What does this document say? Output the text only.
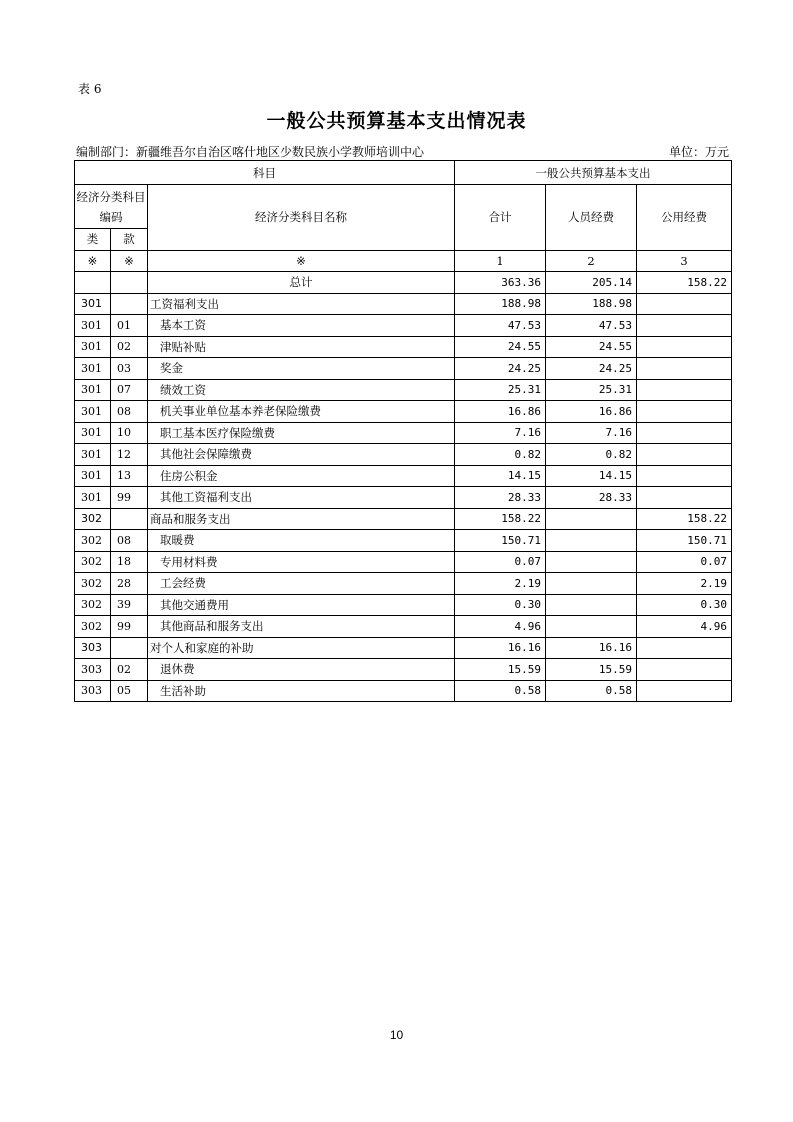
表 6
一般公共预算基本支出情况表
编制部门：新疆维吾尔自治区喀什地区少数民族小学教师培训中心	单位：万元
科目			一般公共预算基本支出		
经济分类科目编码		经济分类科目名称	合计	人员经费	公用经费
类	款				
※	※	※	1	2	3
		总计	363.36	205.14	158.22
301		工资福利支出	188.98	188.98	
301	01	基本工资	47.53	47.53	
301	02	津贴补贴	24.55	24.55	
301	03	奖金	24.25	24.25	
301	07	绩效工资	25.31	25.31	
301	08	机关事业单位基本养老保险缴费	16.86	16.86	
301	10	职工基本医疗保险缴费	7.16	7.16	
301	12	其他社会保障缴费	0.82	0.82	
301	13	住房公积金	14.15	14.15	
301	99	其他工资福利支出	28.33	28.33	
302		商品和服务支出	158.22		158.22
302	08	取暖费	150.71		150.71
302	18	专用材料费	0.07		0.07
302	28	工会经费	2.19		2.19
302	39	其他交通费用	0.30		0.30
302	99	其他商品和服务支出	4.96		4.96
303		对个人和家庭的补助	16.16	16.16	
303	02	退休费	15.59	15.59	
303	05	生活补助	0.58	0.58	
10
